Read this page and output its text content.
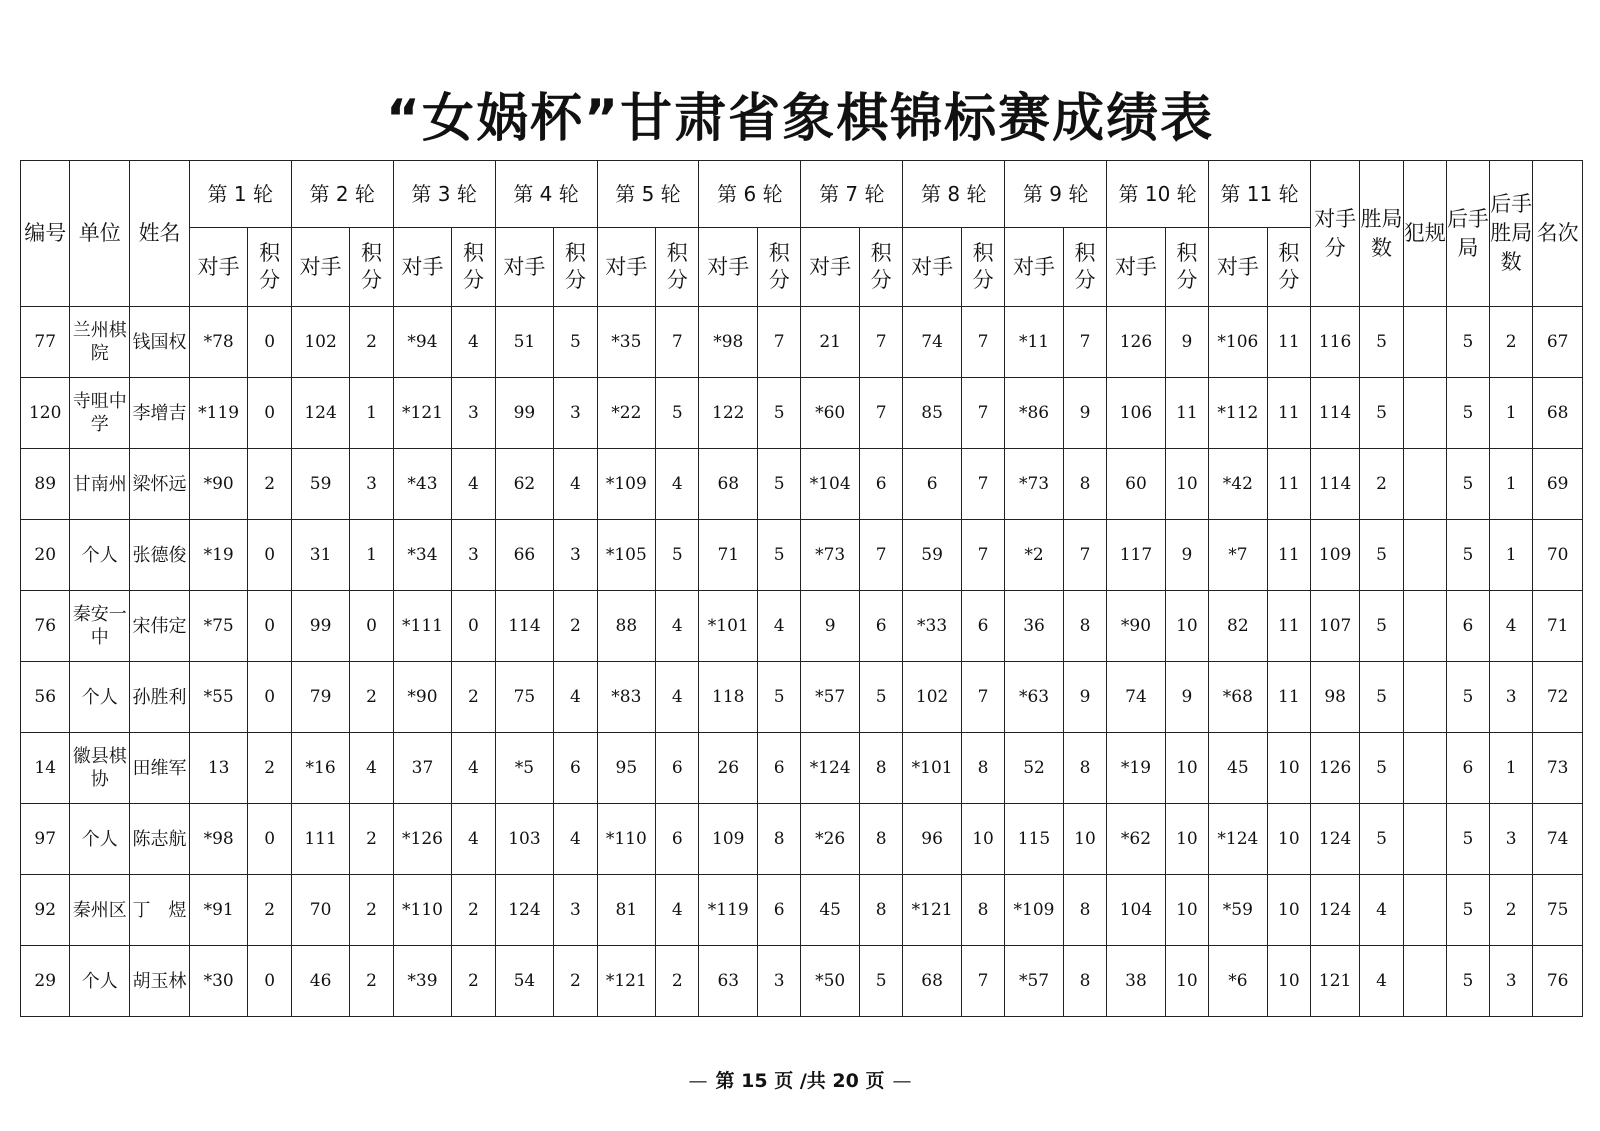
“女娲杯”甘肃省象棋锦标赛成绩表
编号	单位	姓名	第 1 轮		第 2 轮		第 3 轮		第 4 轮		第 5 轮		第 6 轮		第 7 轮		第 8 轮		第 9 轮		第 10 轮		第 11 轮		对手分	胜局数	犯规	后手局	后手胜局数	名次
			对手	积分	对手	积分	对手	积分	对手	积分	对手	积分	对手	积分	对手	积分	对手	积分	对手	积分	对手	积分	对手	积分						
77	兰州棋院	钱国权	*78	0	102	2	*94	4	51	5	*35	7	*98	7	21	7	74	7	*11	7	126	9	*106	11	116	5		5	2	67
120	寺咀中学	李增吉	*119	0	124	1	*121	3	99	3	*22	5	122	5	*60	7	85	7	*86	9	106	11	*112	11	114	5		5	1	68
89	甘南州	梁怀远	*90	2	59	3	*43	4	62	4	*109	4	68	5	*104	6	6	7	*73	8	60	10	*42	11	114	2		5	1	69
20	个人	张德俊	*19	0	31	1	*34	3	66	3	*105	5	71	5	*73	7	59	7	*2	7	117	9	*7	11	109	5		5	1	70
76	秦安一中	宋伟定	*75	0	99	0	*111	0	114	2	88	4	*101	4	9	6	*33	6	36	8	*90	10	82	11	107	5		6	4	71
56	个人	孙胜利	*55	0	79	2	*90	2	75	4	*83	4	118	5	*57	5	102	7	*63	9	74	9	*68	11	98	5		5	3	72
14	徽县棋协	田维军	13	2	*16	4	37	4	*5	6	95	6	26	6	*124	8	*101	8	52	8	*19	10	45	10	126	5		6	1	73
97	个人	陈志航	*98	0	111	2	*126	4	103	4	*110	6	109	8	*26	8	96	10	115	10	*62	10	*124	10	124	5		5	3	74
92	秦州区	丁　煜	*91	2	70	2	*110	2	124	3	81	4	*119	6	45	8	*121	8	*109	8	104	10	*59	10	124	4		5	2	75
29	个人	胡玉林	*30	0	46	2	*39	2	54	2	*121	2	63	3	*50	5	68	7	*57	8	38	10	*6	10	121	4		5	3	76
— 第 15 页 /共 20 页 —
